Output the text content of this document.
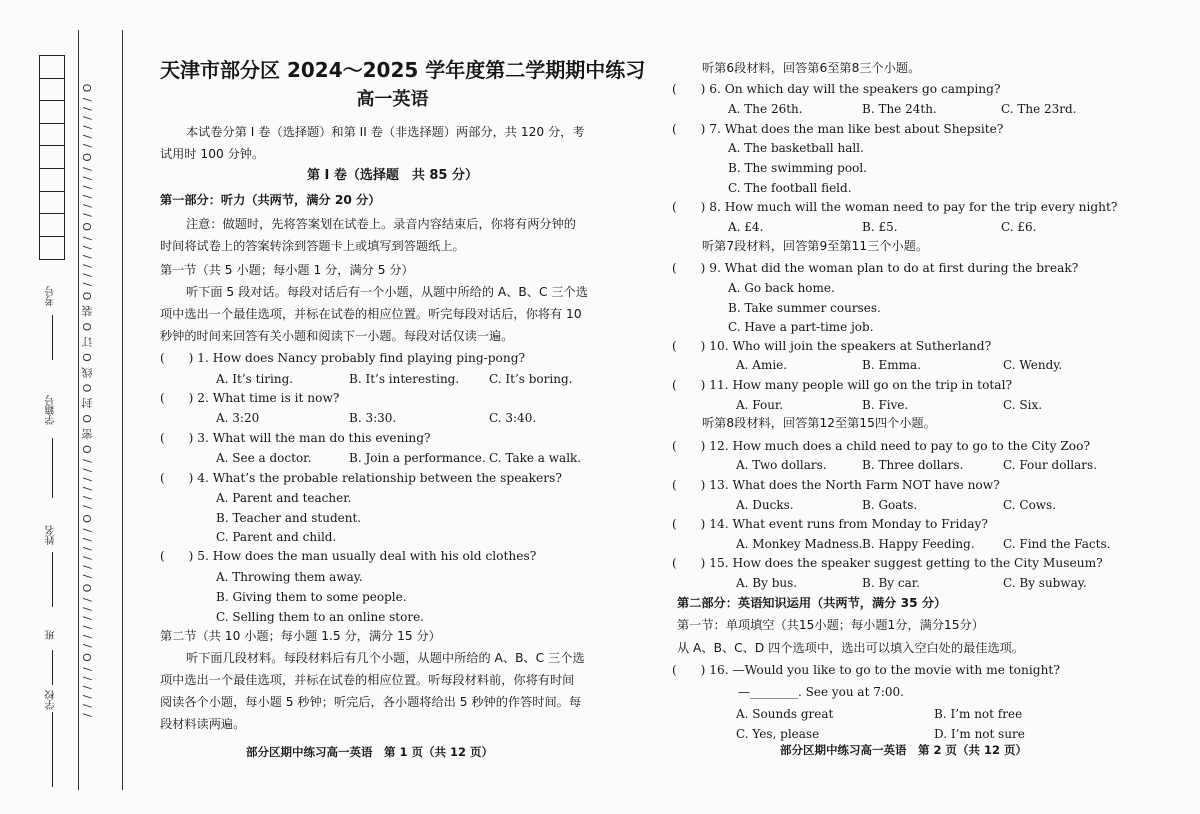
考号
学籍号
姓名
班
学校 / / / / / / O / / / / / / O / / / / / / O / / / / / / O 密 O 封 O 线 O 订 O 装 O / / / / / / O / / / / / / O / / / / / / O
天津市部分区 2024～2025 学年度第二学期期中练习
高一英语
本试卷分第 I 卷（选择题）和第 II 卷（非选择题）两部分，共 120 分，考
试用时 100 分钟。
第 I 卷（选择题　共 85 分）
第一部分：听力（共两节，满分 20 分）
注意：做题时，先将答案划在试卷上。录音内容结束后，你将有两分钟的
时间将试卷上的答案转涂到答题卡上或填写到答题纸上。
第一节（共 5 小题；每小题 1 分，满分 5 分）
听下面 5 段对话。每段对话后有一个小题，从题中所给的 A、B、C 三个选
项中选出一个最佳选项，并标在试卷的相应位置。听完每段对话后，你将有 10
秒钟的时间来回答有关小题和阅读下一小题。每段对话仅读一遍。
(　　) 1. How does Nancy probably find playing ping-pong?
A. It’s tiring.	B. It’s interesting. C. It’s boring.
(　　) 2. What time is it now?
A. 3:20	B. 3:30.	C. 3:40.
(　　) 3. What will the man do this evening?
A. See a doctor.	B. Join a performance. C. Take a walk.
(　　) 4. What’s the probable relationship between the speakers?
A. Parent and teacher.
B. Teacher and student.
C. Parent and child.
(　　) 5. How does the man usually deal with his old clothes?
A. Throwing them away.
B. Giving them to some people.
C. Selling them to an online store.
第二节（共 10 小题；每小题 1.5 分，满分 15 分）
听下面几段材料。每段材料后有几个小题，从题中所给的 A、B、C 三个选
项中选出一个最佳选项，并标在试卷的相应位置。听每段材料前，你将有时间
阅读各个小题，每小题 5 秒钟；听完后，各小题将给出 5 秒钟的作答时间。每
段材料读两遍。
部分区期中练习高一英语　第 1 页（共 12 页）
听第6段材料，回答第6至第8三个小题。
(　　) 6. On which day will the speakers go camping?
A. The 26th.	B. The 24th.	C. The 23rd.
(　　) 7. What does the man like best about Shepsite?
A. The basketball hall.
B. The swimming pool.
C. The football field.
(　　) 8. How much will the woman need to pay for the trip every night?
A. £4.	B. £5.	C. £6.
听第7段材料，回答第9至第11三个小题。
(　　) 9. What did the woman plan to do at first during the break?
A. Go back home.
B. Take summer courses.
C. Have a part-time job.
(　　) 10. Who will join the speakers at Sutherland?
A. Amie.	B. Emma.	C. Wendy.
(　　) 11. How many people will go on the trip in total?
A. Four.	B. Five.	C. Six.
听第8段材料，回答第12至第15四个小题。
(　　) 12. How much does a child need to pay to go to the City Zoo?
A. Two dollars.	B. Three dollars.	C. Four dollars.
(　　) 13. What does the North Farm NOT have now?
A. Ducks.	B. Goats.	C. Cows.
(　　) 14. What event runs from Monday to Friday?
A. Monkey Madness. B. Happy Feeding. C. Find the Facts.
(　　) 15. How does the speaker suggest getting to the City Museum?
A. By bus.	B. By car.	C. By subway.
第二部分：英语知识运用（共两节，满分 35 分）
第一节：单项填空（共15小题；每小题1分，满分15分）
从 A、B、C、D 四个选项中，选出可以填入空白处的最佳选项。
(　　) 16. —Would you like to go to the movie with me tonight?
—________. See you at 7:00.
A. Sounds great	B. I’m not free
C. Yes, please	D. I’m not sure
部分区期中练习高一英语　第 2 页（共 12 页）
